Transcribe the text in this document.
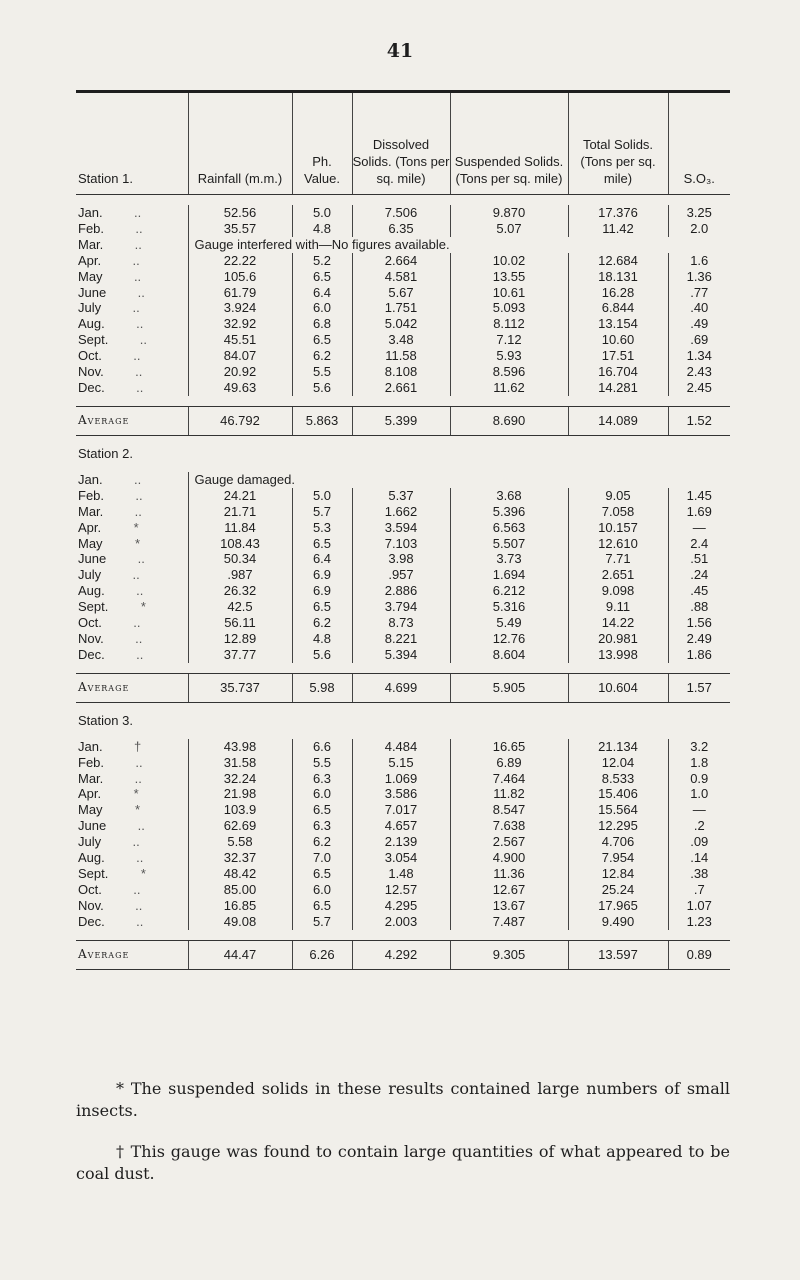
41
Station 1.	Rainfall (m.m.)	Ph. Value.	Dissolved Solids. (Tons per sq. mile)	Suspended Solids. (Tons per sq. mile)	Total Solids. (Tons per sq. mile)	S.O₃.

Jan. ..	52.56	5.0	7.506	9.870	17.376	3.25
Feb. ..	35.57	4.8	6.35	5.07	11.42	2.0
Mar. ..	Gauge interfered with—No figures available.					
Apr. ..	22.22	5.2	2.664	10.02	12.684	1.6
May ..	105.6	6.5	4.581	13.55	18.131	1.36
June ..	61.79	6.4	5.67	10.61	16.28	.77
July ..	3.924	6.0	1.751	5.093	6.844	.40
Aug. ..	32.92	6.8	5.042	8.112	13.154	.49
Sept. ..	45.51	6.5	3.48	7.12	10.60	.69
Oct. ..	84.07	6.2	11.58	5.93	17.51	1.34
Nov. ..	20.92	5.5	8.108	8.596	16.704	2.43
Dec. ..	49.63	5.6	2.661	11.62	14.281	2.45

Average	46.792	5.863	5.399	8.690	14.089	1.52
Station 2.						
Jan. ..	Gauge damaged.					
Feb. ..	24.21	5.0	5.37	3.68	9.05	1.45
Mar. ..	21.71	5.7	1.662	5.396	7.058	1.69
Apr. *	11.84	5.3	3.594	6.563	10.157	—
May *	108.43	6.5	7.103	5.507	12.610	2.4
June ..	50.34	6.4	3.98	3.73	7.71	.51
July ..	.987	6.9	.957	1.694	2.651	.24
Aug. ..	26.32	6.9	2.886	6.212	9.098	.45
Sept. *	42.5	6.5	3.794	5.316	9.11	.88
Oct. ..	56.11	6.2	8.73	5.49	14.22	1.56
Nov. ..	12.89	4.8	8.221	12.76	20.981	2.49
Dec. ..	37.77	5.6	5.394	8.604	13.998	1.86

Average	35.737	5.98	4.699	5.905	10.604	1.57
Station 3.						
Jan. †	43.98	6.6	4.484	16.65	21.134	3.2
Feb. ..	31.58	5.5	5.15	6.89	12.04	1.8
Mar. ..	32.24	6.3	1.069	7.464	8.533	0.9
Apr. *	21.98	6.0	3.586	11.82	15.406	1.0
May *	103.9	6.5	7.017	8.547	15.564	—
June ..	62.69	6.3	4.657	7.638	12.295	.2
July ..	5.58	6.2	2.139	2.567	4.706	.09
Aug. ..	32.37	7.0	3.054	4.900	7.954	.14
Sept. *	48.42	6.5	1.48	11.36	12.84	.38
Oct. ..	85.00	6.0	12.57	12.67	25.24	.7
Nov. ..	16.85	6.5	4.295	13.67	17.965	1.07
Dec. ..	49.08	5.7	2.003	7.487	9.490	1.23

Average	44.47	6.26	4.292	9.305	13.597	0.89

* The suspended solids in these results contained large numbers of small insects.

† This gauge was found to contain large quantities of what appeared to be coal dust.
